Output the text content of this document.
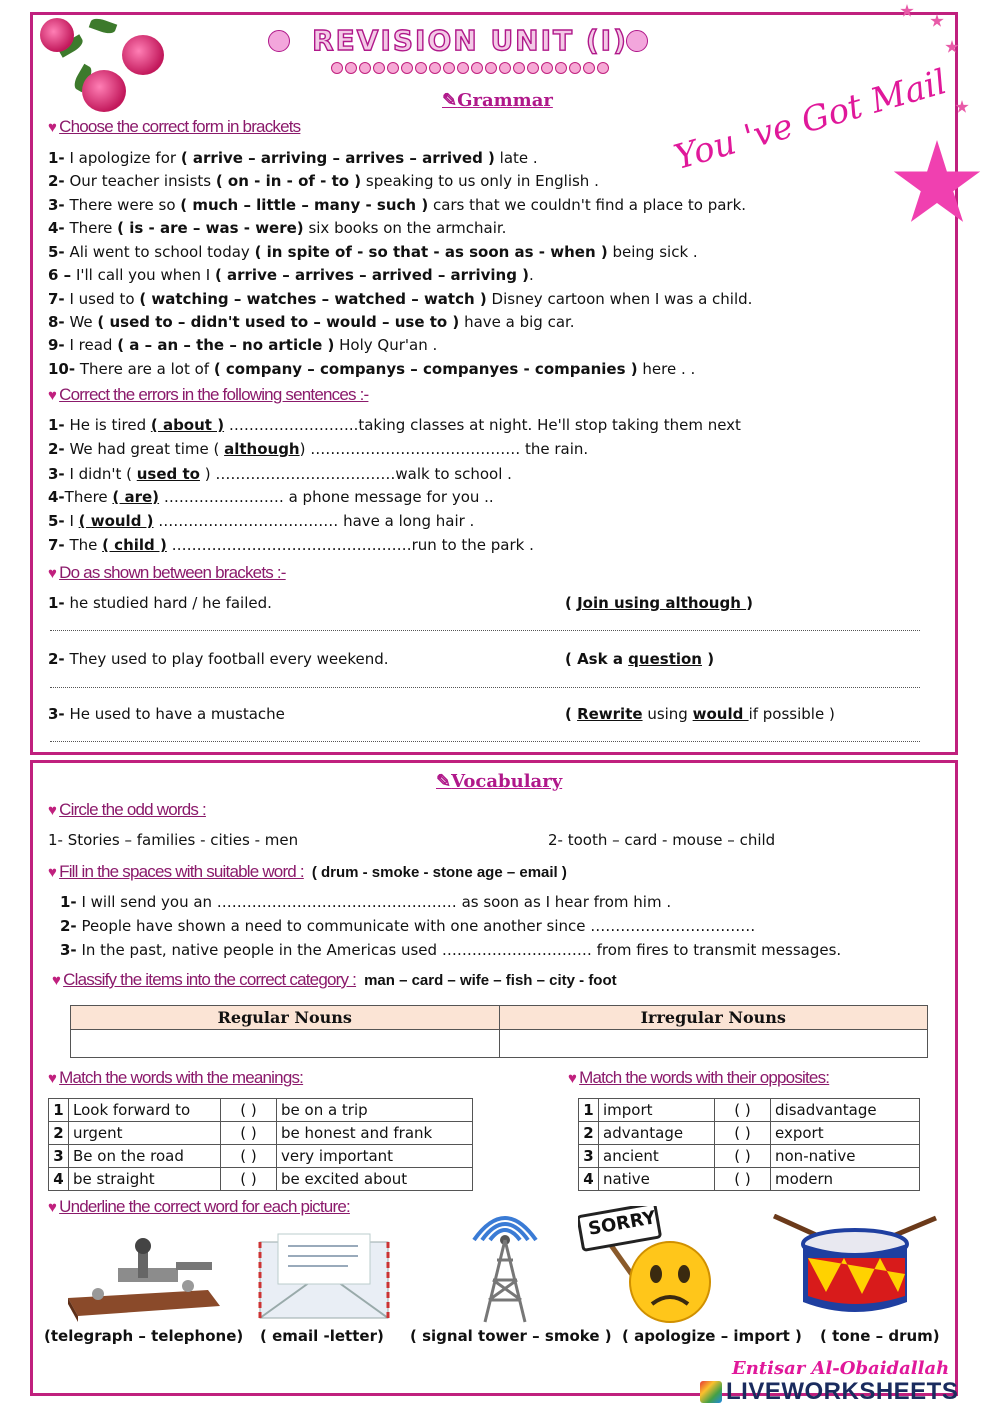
REVISION UNIT (I)
You 've Got Mail
✎Grammar
♥ Choose the correct form in brackets
1- I apologize for ( arrive – arriving – arrives – arrived ) late .
2- Our teacher insists ( on - in - of - to ) speaking to us only in English .
3- There were so ( much – little – many - such ) cars that we couldn't find a place to park.
4- There ( is - are – was - were) six books on the armchair.
5- Ali went to school today ( in spite of - so that - as soon as - when ) being sick .
6 – I'll call you when I ( arrive – arrives – arrived – arriving ).
7- I used to ( watching – watches – watched – watch ) Disney cartoon when I was a child.
8- We ( used to – didn't used to – would – use to ) have a big car.
9- I read ( a – an – the – no article ) Holy Qur'an .
10- There are a lot of ( company – companys – companyes - companies ) here . .
♥ Correct the errors in the following sentences :-
1- He is tired ( about ) ……………………..taking classes at night. He'll stop taking them next
2- We had great time ( although) …………………………………… the rain.
3- I didn't ( used to ) ………………………………walk to school .
4-There ( are) …………………… a phone message for you ..
5- I ( would ) ……………………………… have a long hair .
7- The ( child ) …………………………………………run to the park .
♥ Do as shown between brackets :-
1- he studied hard / he failed.	( Join using although )
2- They used to play football every weekend.	( Ask a question )
3- He used to have a mustache	( Rewrite using would if possible )
✎Vocabulary
♥ Circle the odd words :
1- Stories – families - cities - men	2- tooth – card - mouse – child
♥ Fill in the spaces with suitable word : ( drum - smoke - stone age – email )
1- I will send you an ………………………………………… as soon as I hear from him .
2- People have shown a need to communicate with one another since ……………………………
3- In the past, native people in the Americas used ………………………… from fires to transmit messages.
♥ Classify the items into the correct category : man – card – wife – fish – city - foot
Regular Nouns	Irregular Nouns

♥ Match the words with the meanings:
1	Look forward to	( )	be on a trip
2	urgent	( )	be honest and frank
3	Be on the road	( )	very important
4	be straight	( )	be excited about
♥ Match the words with their opposites:
1	import	( )	disadvantage
2	advantage	( )	export
3	ancient	( )	non-native
4	native	( )	modern
♥ Underline the correct word for each picture:
(telegraph – telephone) ( email -letter) ( signal tower – smoke )
SORRY
( apologize – import ) ( tone – drum)
Entisar Al-Obaidallah
LIVEWORKSHEETS
